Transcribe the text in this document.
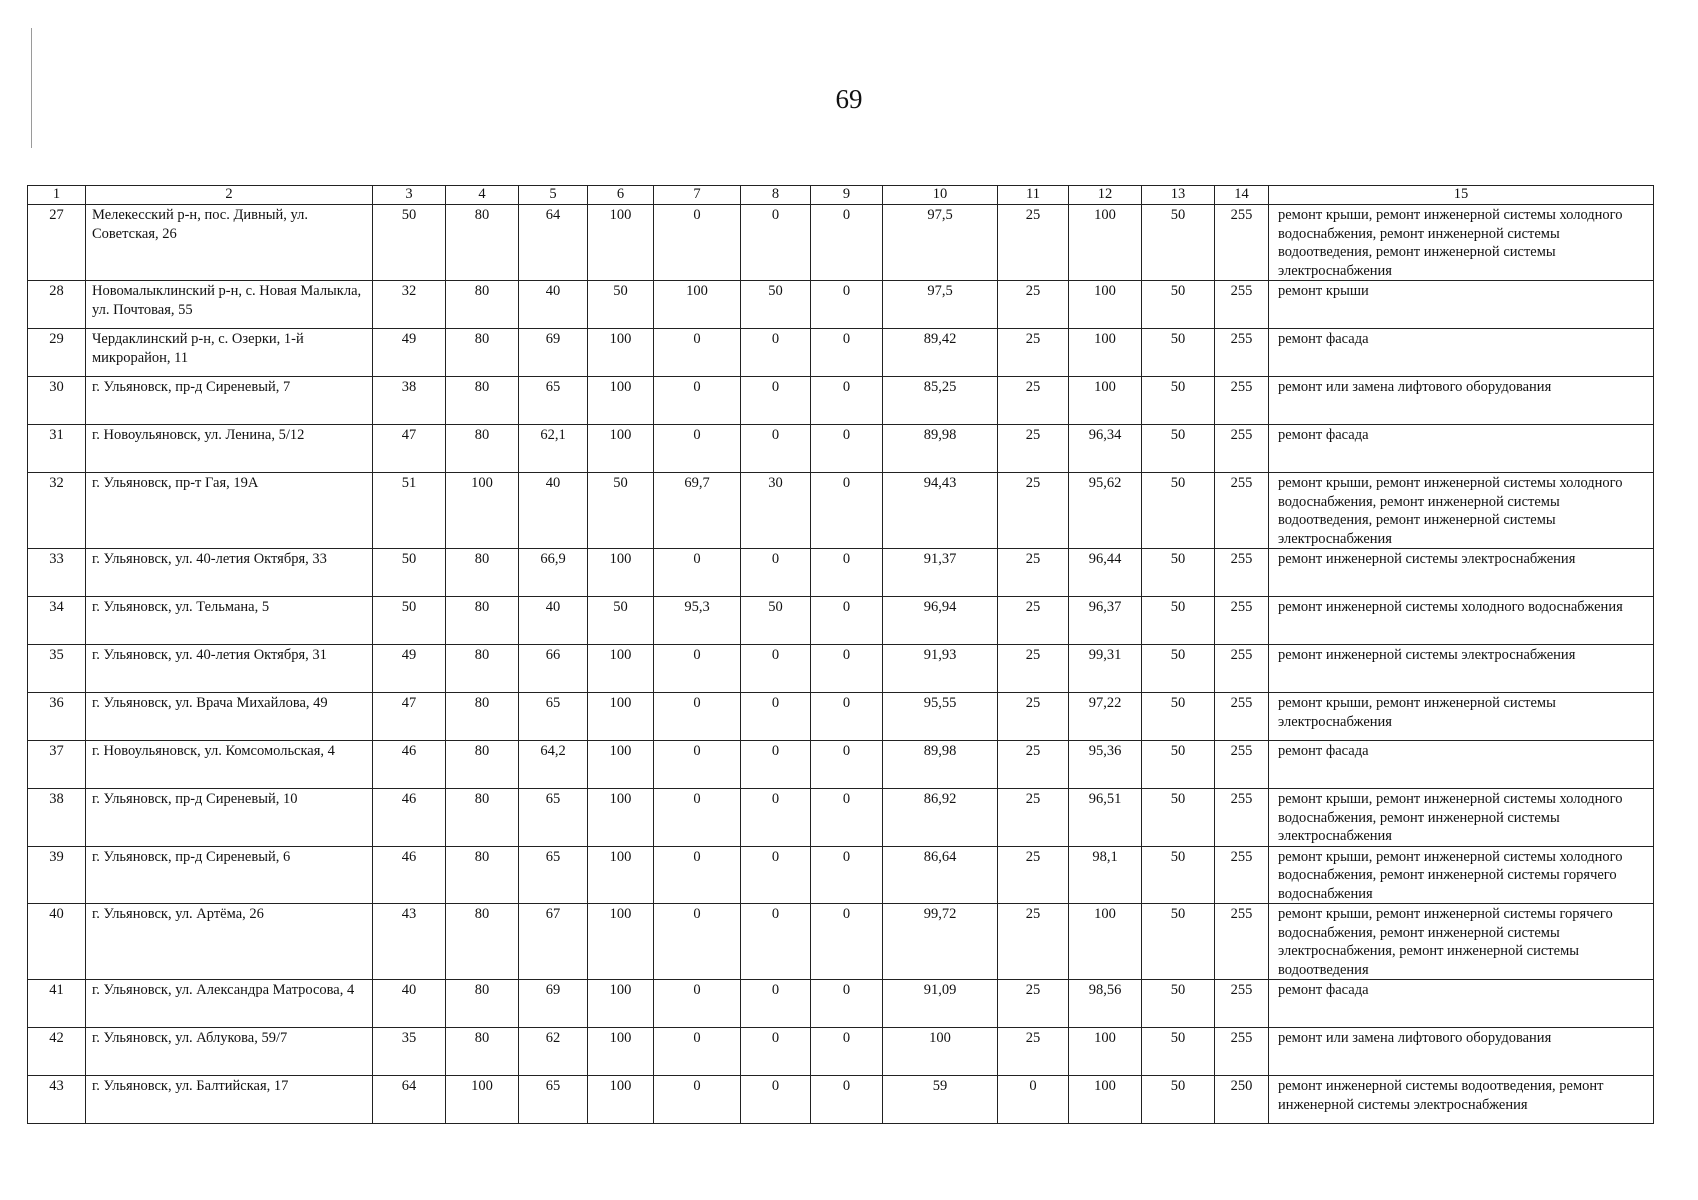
69
1	2	3	4	5	6	7	8	9	10	11	12	13	14	15
27	Мелекесский р-н, пос. Дивный, ул. Советская, 26	50	80	64	100	0	0	0	97,5	25	100	50	255	ремонт крыши, ремонт инженерной системы холодного водоснабжения, ремонт инженерной системы водоотведения, ремонт инженерной системы электроснабжения
28	Новомалыклинский р-н, с. Новая Малыкла, ул. Почтовая, 55	32	80	40	50	100	50	0	97,5	25	100	50	255	ремонт крыши
29	Чердаклинский р-н, с. Озерки, 1-й микрорайон, 11	49	80	69	100	0	0	0	89,42	25	100	50	255	ремонт фасада
30	г. Ульяновск, пр-д Сиреневый, 7	38	80	65	100	0	0	0	85,25	25	100	50	255	ремонт или замена лифтового оборудования
31	г. Новоульяновск, ул. Ленина, 5/12	47	80	62,1	100	0	0	0	89,98	25	96,34	50	255	ремонт фасада
32	г. Ульяновск, пр-т Гая, 19А	51	100	40	50	69,7	30	0	94,43	25	95,62	50	255	ремонт крыши, ремонт инженерной системы холодного водоснабжения, ремонт инженерной системы водоотведения, ремонт инженерной системы электроснабжения
33	г. Ульяновск, ул. 40-летия Октября, 33	50	80	66,9	100	0	0	0	91,37	25	96,44	50	255	ремонт инженерной системы электроснабжения
34	г. Ульяновск, ул. Тельмана, 5	50	80	40	50	95,3	50	0	96,94	25	96,37	50	255	ремонт инженерной системы холодного водоснабжения
35	г. Ульяновск, ул. 40-летия Октября, 31	49	80	66	100	0	0	0	91,93	25	99,31	50	255	ремонт инженерной системы электроснабжения
36	г. Ульяновск, ул. Врача Михайлова, 49	47	80	65	100	0	0	0	95,55	25	97,22	50	255	ремонт крыши, ремонт инженерной системы электроснабжения
37	г. Новоульяновск, ул. Комсомольская, 4	46	80	64,2	100	0	0	0	89,98	25	95,36	50	255	ремонт фасада
38	г. Ульяновск, пр-д Сиреневый, 10	46	80	65	100	0	0	0	86,92	25	96,51	50	255	ремонт крыши, ремонт инженерной системы холодного водоснабжения, ремонт инженерной системы электроснабжения
39	г. Ульяновск, пр-д Сиреневый, 6	46	80	65	100	0	0	0	86,64	25	98,1	50	255	ремонт крыши, ремонт инженерной системы холодного водоснабжения, ремонт инженерной системы горячего водоснабжения
40	г. Ульяновск, ул. Артёма, 26	43	80	67	100	0	0	0	99,72	25	100	50	255	ремонт крыши, ремонт инженерной системы горячего водоснабжения, ремонт инженерной системы электроснабжения, ремонт инженерной системы водоотведения
41	г. Ульяновск, ул. Александра Матросова, 4	40	80	69	100	0	0	0	91,09	25	98,56	50	255	ремонт фасада
42	г. Ульяновск, ул. Аблукова, 59/7	35	80	62	100	0	0	0	100	25	100	50	255	ремонт или замена лифтового оборудования
43	г. Ульяновск, ул. Балтийская, 17	64	100	65	100	0	0	0	59	0	100	50	250	ремонт инженерной системы водоотведения, ремонт инженерной системы электроснабжения
